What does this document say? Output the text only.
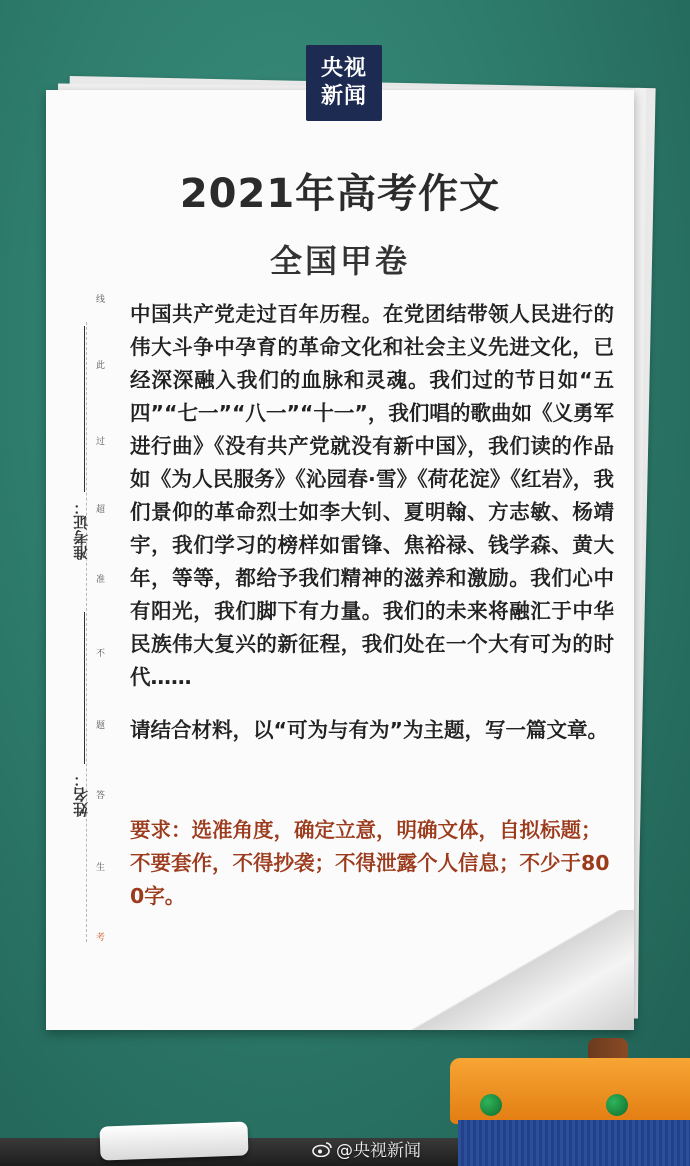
央视
新闻
2021年高考作文
全国甲卷
准考证：
姓名：
线
此
过
超
准
不
题
答
生
考
中国共产党走过百年历程。在党团结带领人民进行的伟大斗争中孕育的革命文化和社会主义先进文化，已经深深融入我们的血脉和灵魂。我们过的节日如“五四”“七一”“八一”“十一”，我们唱的歌曲如《义勇军进行曲》《没有共产党就没有新中国》，我们读的作品如《为人民服务》《沁园春·雪》《荷花淀》《红岩》，我们景仰的革命烈士如李大钊、夏明翰、方志敏、杨靖宇，我们学习的榜样如雷锋、焦裕禄、钱学森、黄大年，等等，都给予我们精神的滋养和激励。我们心中有阳光，我们脚下有力量。我们的未来将融汇于中华民族伟大复兴的新征程，我们处在一个大有可为的时代……
请结合材料，以“可为与有为”为主题，写一篇文章。
要求：选准角度，确定立意，明确文体，自拟标题；不要套作，不得抄袭；不得泄露个人信息；不少于800字。
@央视新闻
